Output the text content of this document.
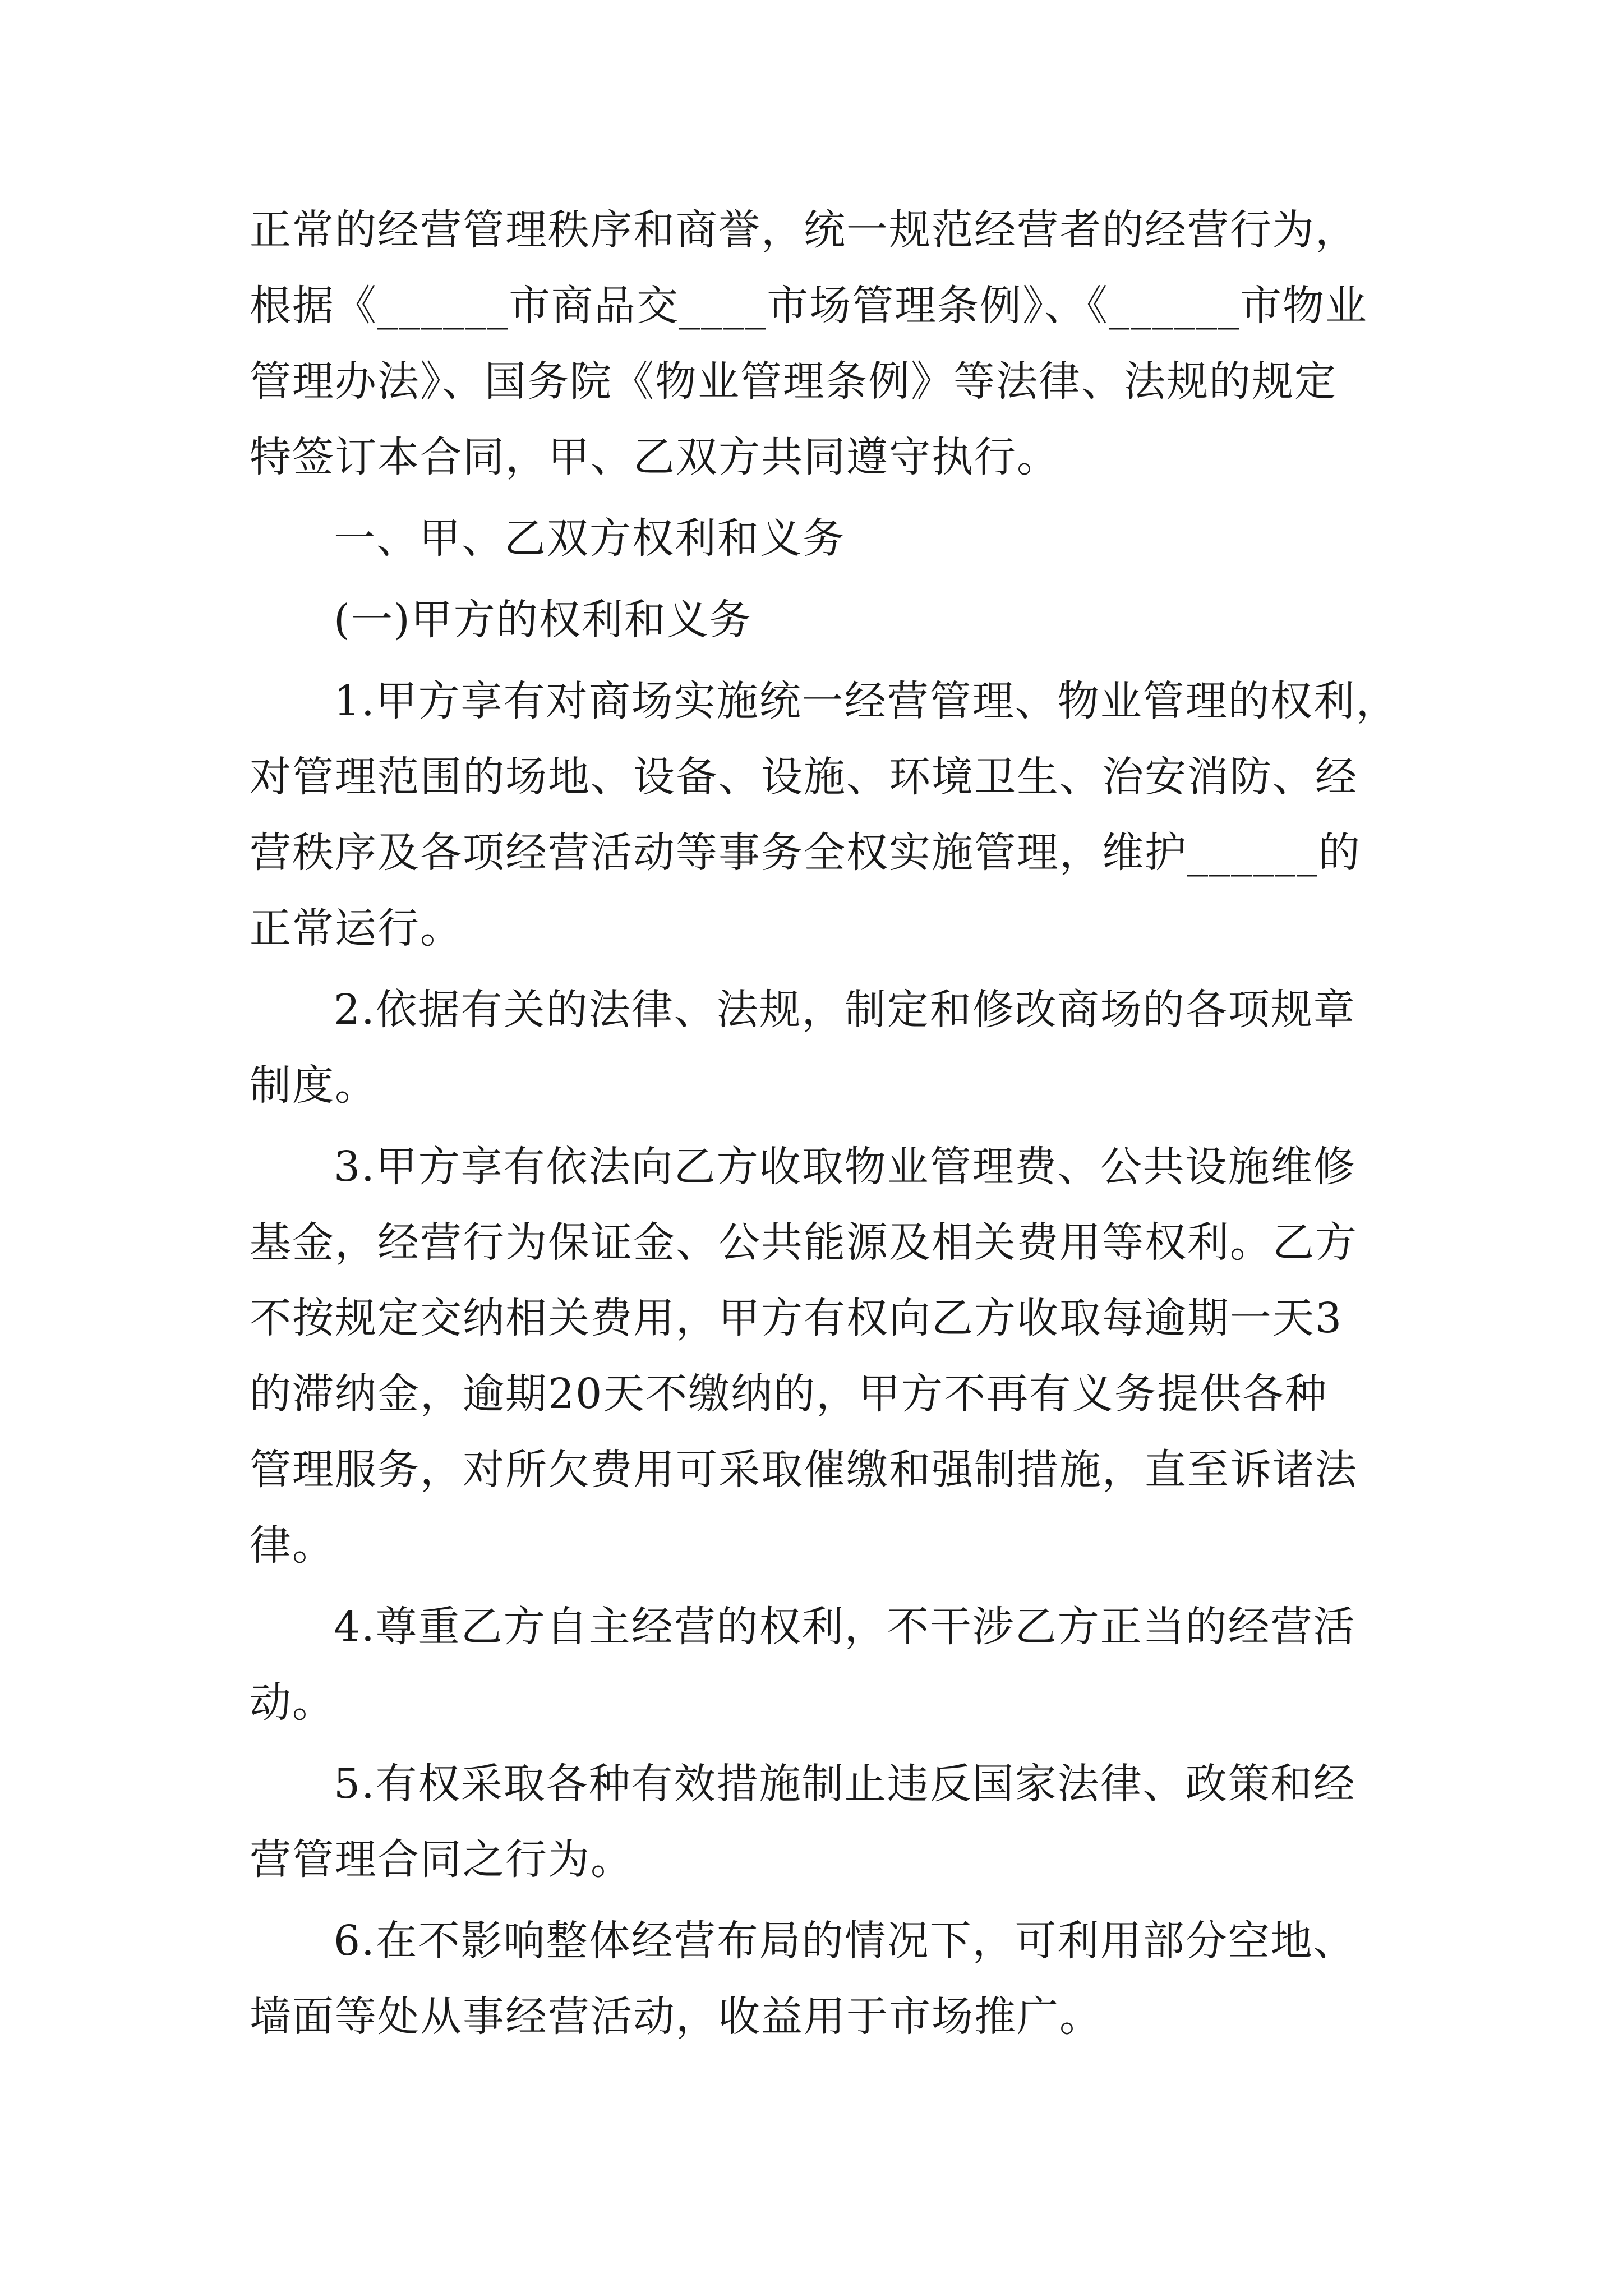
正常的经营管理秩序和商誉，统一规范经营者的经营行为，
根据《______市商品交____市场管理条例》、《______市物业
管理办法》、国务院《物业管理条例》等法律、法规的规定
特签订本合同，甲、乙双方共同遵守执行。
一、甲、乙双方权利和义务
(一)甲方的权利和义务
1.甲方享有对商场实施统一经营管理、物业管理的权利，
对管理范围的场地、设备、设施、环境卫生、治安消防、经
营秩序及各项经营活动等事务全权实施管理，维护______的
正常运行。
2.依据有关的法律、法规，制定和修改商场的各项规章
制度。
3.甲方享有依法向乙方收取物业管理费、公共设施维修
基金，经营行为保证金、公共能源及相关费用等权利。乙方
不按规定交纳相关费用，甲方有权向乙方收取每逾期一天3
的滞纳金，逾期20天不缴纳的，甲方不再有义务提供各种
管理服务，对所欠费用可采取催缴和强制措施，直至诉诸法
律。
4.尊重乙方自主经营的权利，不干涉乙方正当的经营活
动。
5.有权采取各种有效措施制止违反国家法律、政策和经
营管理合同之行为。
6.在不影响整体经营布局的情况下，可利用部分空地、
墙面等处从事经营活动，收益用于市场推广。
